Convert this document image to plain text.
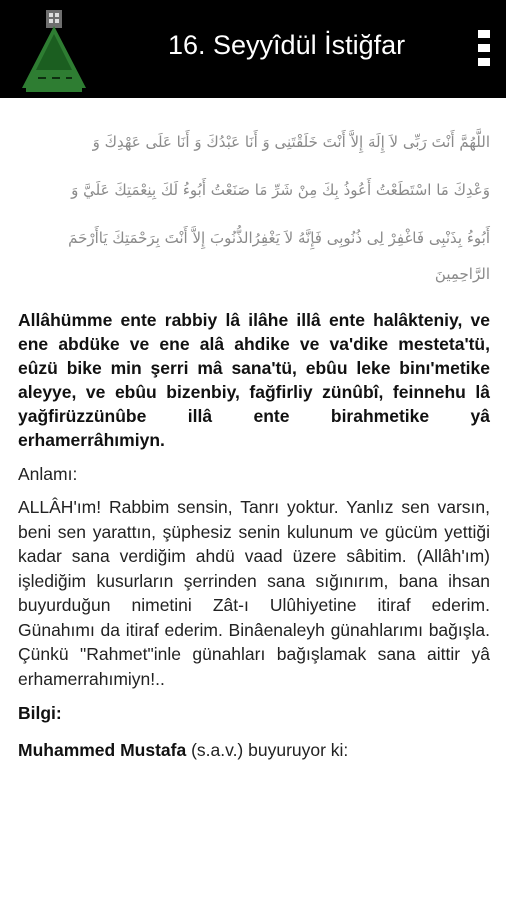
16. Seyyîdül İstiğfar

اللَّهُمَّ أَنْتَ رَبِّى لاَ إِلَهَ إِلاَّ أَنْتَ خَلَقْتَنِى وَ أَنَا عَبْدُكَ وَ أَنَا عَلَى عَهْدِكَ وَ

وَعْدِكَ مَا اسْتَطَعْتُ أَعُوذُ بِكَ مِنْ شَرِّ مَا صَنَعْتُ أَبُوءُ لَكَ بِنِعْمَتِكَ عَلَيَّ وَ

أَبُوءُ بِذَنْبِى فَاغْفِرْ لِى ذُنُوبِى فَإِنَّهُ لاَ يَغْفِرُالذُّنُوبَ إِلاَّ أَنْتَ بِرَحْمَتِكَ يَاأَرْحَمَ الرَّاحِمِينَ

Allâhümme ente rabbiy lâ ilâhe illâ ente halâkteniy, ve ene abdüke ve ene alâ ahdike ve va'dike mesteta'tü, eûzü bike min şerri mâ sana'tü, ebûu leke binı'metike aleyye, ve ebûu bizenbiy, fağfirliy zünûbî, feinnehu lâ yağfirüzzünûbe illâ ente birahmetike yâ erhamerrâhımiyn.
Anlamı:
ALLÂH'ım! Rabbim sensin, Tanrı yoktur. Yanlız sen varsın, beni sen yarattın, şüphesiz senin kulunum ve gücüm yettiği kadar sana verdiğim ahdü vaad üzere sâbitim. (Allâh'ım) işlediğim kusurların şerrinden sana sığınırım, bana ihsan buyurduğun nimetini Zât-ı Ulûhiyetine itiraf ederim. Günahımı da itiraf ederim. Binâenaleyh günahlarımı bağışla. Çünkü "Rahmet"inle günahları bağışlamak sana aittir yâ erhamerrahımiyn!..
Bilgi:
Muhammed Mustafa (s.a.v.) buyuruyor ki:
